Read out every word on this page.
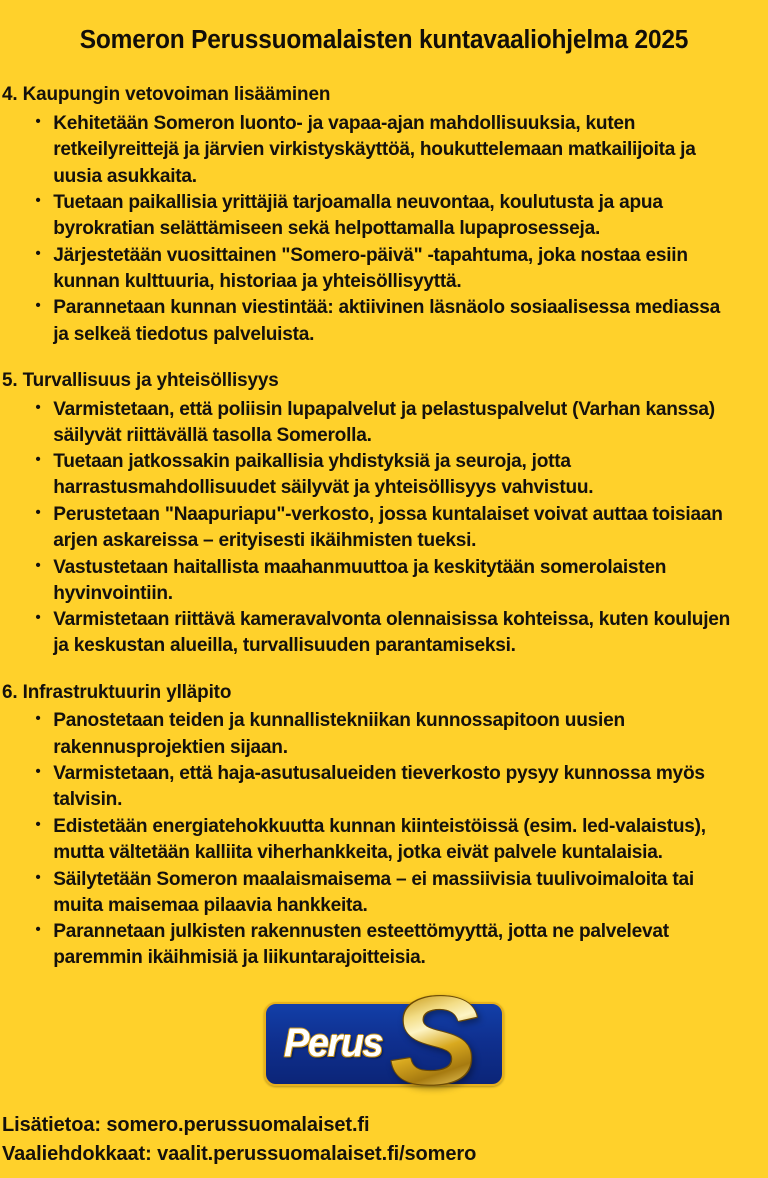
Someron Perussuomalaisten kuntavaaliohjelma 2025
4. Kaupungin vetovoiman lisääminen
• Kehitetään Someron luonto- ja vapaa-ajan mahdollisuuksia, kuten retkeilyreittejä ja järvien virkistyskäyttöä, houkuttelemaan matkailijoita ja uusia asukkaita.
• Tuetaan paikallisia yrittäjiä tarjoamalla neuvontaa, koulutusta ja apua byrokratian selättämiseen sekä helpottamalla lupaprosesseja.
• Järjestetään vuosittainen "Somero-päivä" -tapahtuma, joka nostaa esiin kunnan kulttuuria, historiaa ja yhteisöllisyyttä.
• Parannetaan kunnan viestintää: aktiivinen läsnäolo sosiaalisessa mediassa ja selkeä tiedotus palveluista.
5. Turvallisuus ja yhteisöllisyys
• Varmistetaan, että poliisin lupapalvelut ja pelastuspalvelut (Varhan kanssa) säilyvät riittävällä tasolla Somerolla.
• Tuetaan jatkossakin paikallisia yhdistyksiä ja seuroja, jotta harrastusmahdollisuudet säilyvät ja yhteisöllisyys vahvistuu.
• Perustetaan "Naapuriapu"-verkosto, jossa kuntalaiset voivat auttaa toisiaan arjen askareissa – erityisesti ikäihmisten tueksi.
• Vastustetaan haitallista maahanmuuttoa ja keskitytään somerolaisten hyvinvointiin.
• Varmistetaan riittävä kameravalvonta olennaisissa kohteissa, kuten koulujen ja keskustan alueilla, turvallisuuden parantamiseksi.
6. Infrastruktuurin ylläpito
• Panostetaan teiden ja kunnallistekniikan kunnossapitoon uusien rakennusprojektien sijaan.
• Varmistetaan, että haja-asutusalueiden tieverkosto pysyy kunnossa myös talvisin.
• Edistetään energiatehokkuutta kunnan kiinteistöissä (esim. led-valaistus), mutta vältetään kalliita viherhankkeita, jotka eivät palvele kuntalaisia.
• Säilytetään Someron maalaismaisema – ei massiivisia tuulivoimaloita tai muita maisemaa pilaavia hankkeita.
• Parannetaan julkisten rakennusten esteettömyyttä, jotta ne palvelevat paremmin ikäihmisiä ja liikuntarajoitteisia.
Perus S
Lisätietoa: somero.perussuomalaiset.fi
Vaaliehdokkaat: vaalit.perussuomalaiset.fi/somero
